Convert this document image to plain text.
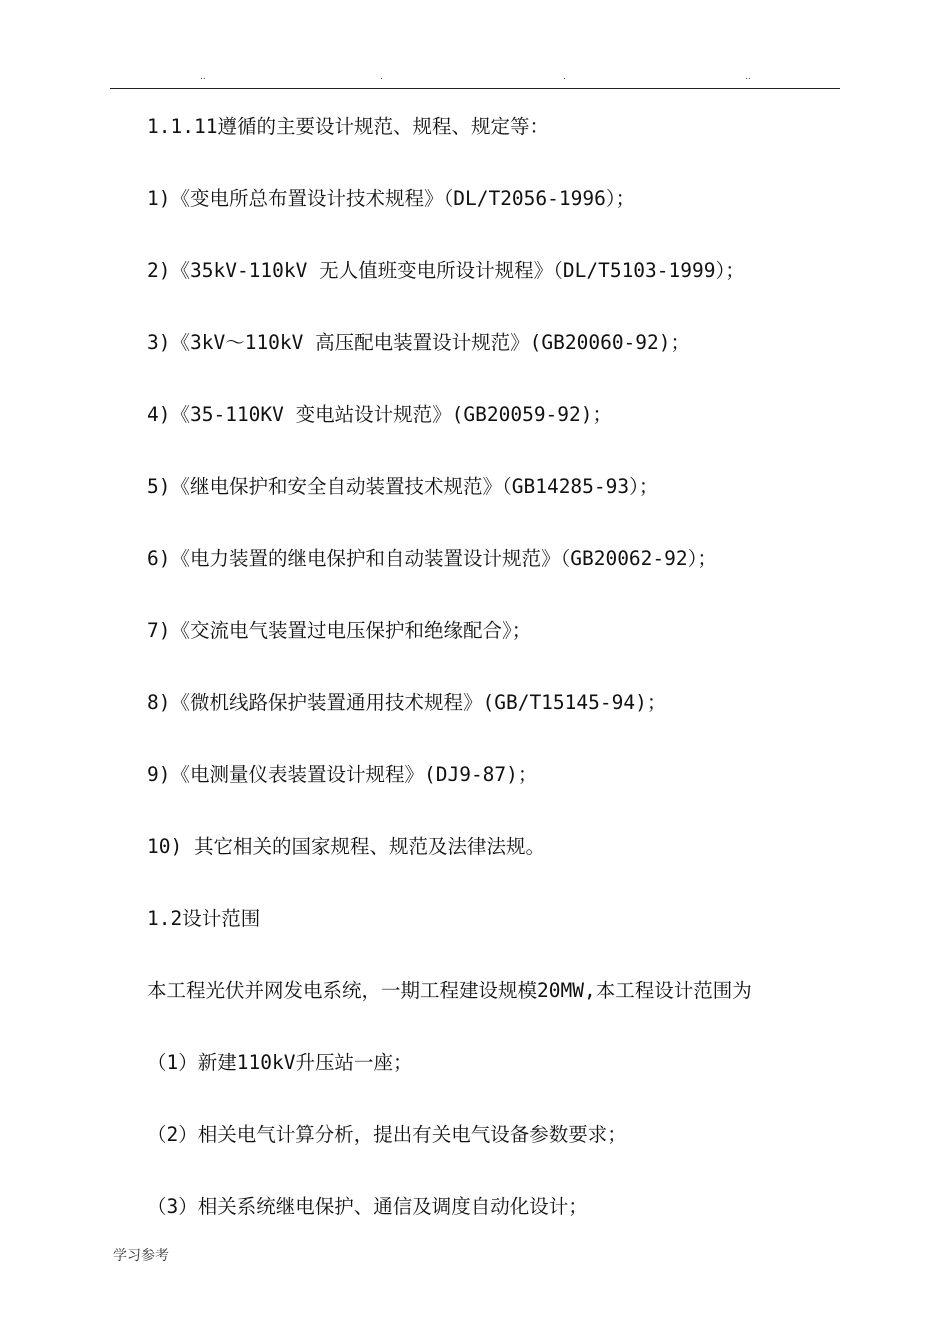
..	.	.	..
1.1.11遵循的主要设计规范、规程、规定等：
1)《变电所总布置设计技术规程》（DL/T2056-1996）；
2)《35kV-110kV 无人值班变电所设计规程》（DL/T5103-1999）；
3)《3kV～110kV 高压配电装置设计规范》(GB20060-92)；
4)《35-110KV 变电站设计规范》(GB20059-92)；
5)《继电保护和安全自动装置技术规范》（GB14285-93）；
6)《电力装置的继电保护和自动装置设计规范》（GB20062-92）；
7)《交流电气装置过电压保护和绝缘配合》；
8)《微机线路保护装置通用技术规程》(GB/T15145-94)；
9)《电测量仪表装置设计规程》(DJ9-87)；
10) 其它相关的国家规程、规范及法律法规。
1.2设计范围
本工程光伏并网发电系统，一期工程建设规模20MW,本工程设计范围为
（1）新建110kV升压站一座；
（2）相关电气计算分析，提出有关电气设备参数要求；
（3）相关系统继电保护、通信及调度自动化设计；
学习参考
